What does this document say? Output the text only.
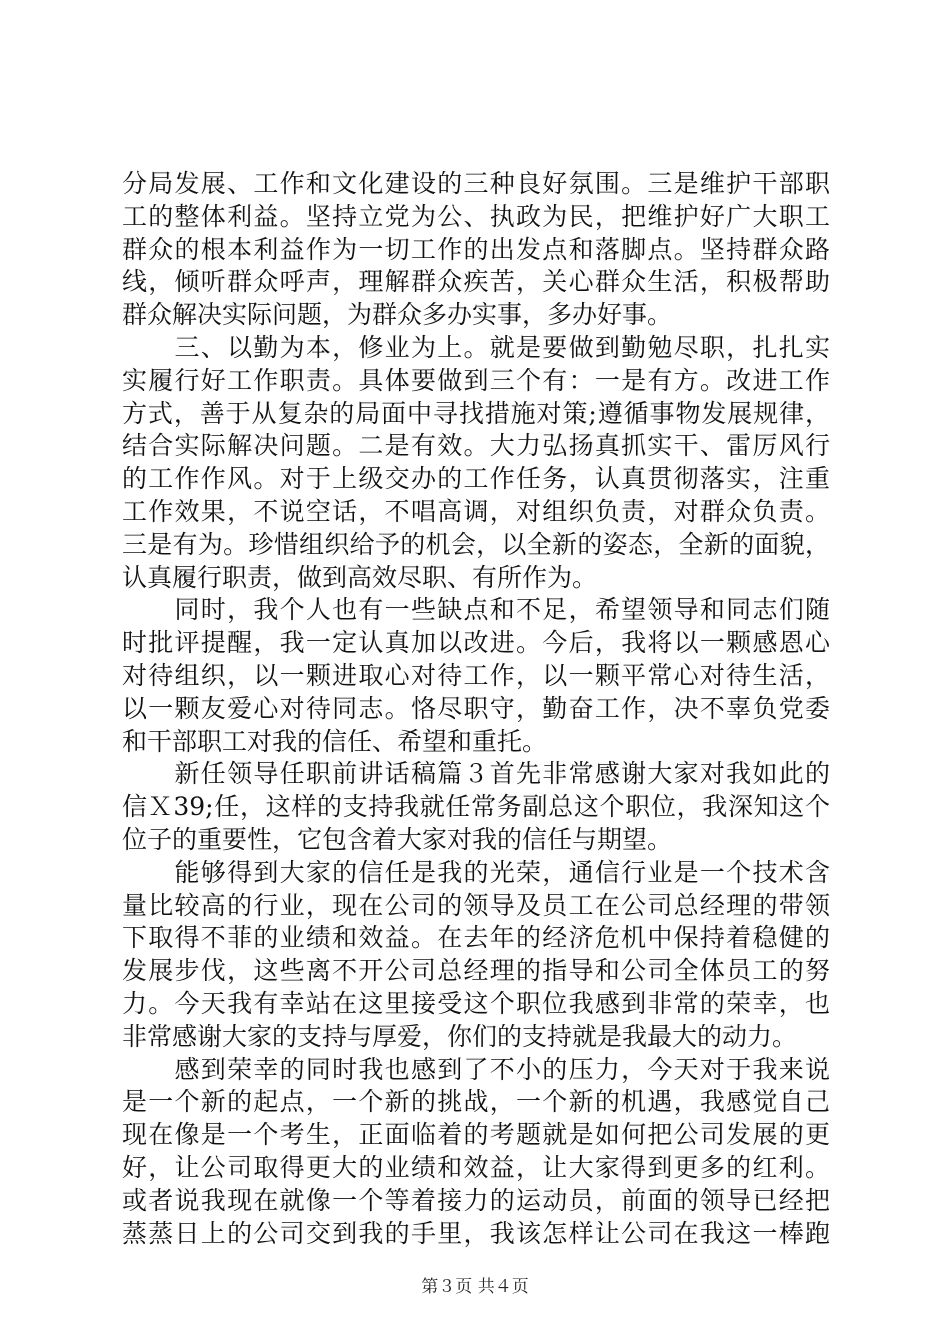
分局发展、工作和文化建设的三种良好氛围。三是维护干部职
工的整体利益。坚持立党为公、执政为民，把维护好广大职工
群众的根本利益作为一切工作的出发点和落脚点。坚持群众路
线，倾听群众呼声，理解群众疾苦，关心群众生活，积极帮助
群众解决实际问题，为群众多办实事，多办好事。
　　三、以勤为本，修业为上。就是要做到勤勉尽职，扎扎实
实履行好工作职责。具体要做到三个有：一是有方。改进工作
方式，善于从复杂的局面中寻找措施对策;遵循事物发展规律，
结合实际解决问题。二是有效。大力弘扬真抓实干、雷厉风行
的工作作风。对于上级交办的工作任务，认真贯彻落实，注重
工作效果，不说空话，不唱高调，对组织负责，对群众负责。
三是有为。珍惜组织给予的机会，以全新的姿态，全新的面貌，
认真履行职责，做到高效尽职、有所作为。
　　同时，我个人也有一些缺点和不足，希望领导和同志们随
时批评提醒，我一定认真加以改进。今后，我将以一颗感恩心
对待组织，以一颗进取心对待工作，以一颗平常心对待生活，
以一颗友爱心对待同志。恪尽职守，勤奋工作，决不辜负党委
和干部职工对我的信任、希望和重托。
　　新任领导任职前讲话稿篇３首先非常感谢大家对我如此的
信Ｘ39;任，这样的支持我就任常务副总这个职位，我深知这个
位子的重要性，它包含着大家对我的信任与期望。
　　能够得到大家的信任是我的光荣，通信行业是一个技术含
量比较高的行业，现在公司的领导及员工在公司总经理的带领
下取得不菲的业绩和效益。在去年的经济危机中保持着稳健的
发展步伐，这些离不开公司总经理的指导和公司全体员工的努
力。今天我有幸站在这里接受这个职位我感到非常的荣幸，也
非常感谢大家的支持与厚爱，你们的支持就是我最大的动力。
　　感到荣幸的同时我也感到了不小的压力，今天对于我来说
是一个新的起点，一个新的挑战，一个新的机遇，我感觉自己
现在像是一个考生，正面临着的考题就是如何把公司发展的更
好，让公司取得更大的业绩和效益，让大家得到更多的红利。
或者说我现在就像一个等着接力的运动员，前面的领导已经把
蒸蒸日上的公司交到我的手里，我该怎样让公司在我这一棒跑
第３页 共４页
